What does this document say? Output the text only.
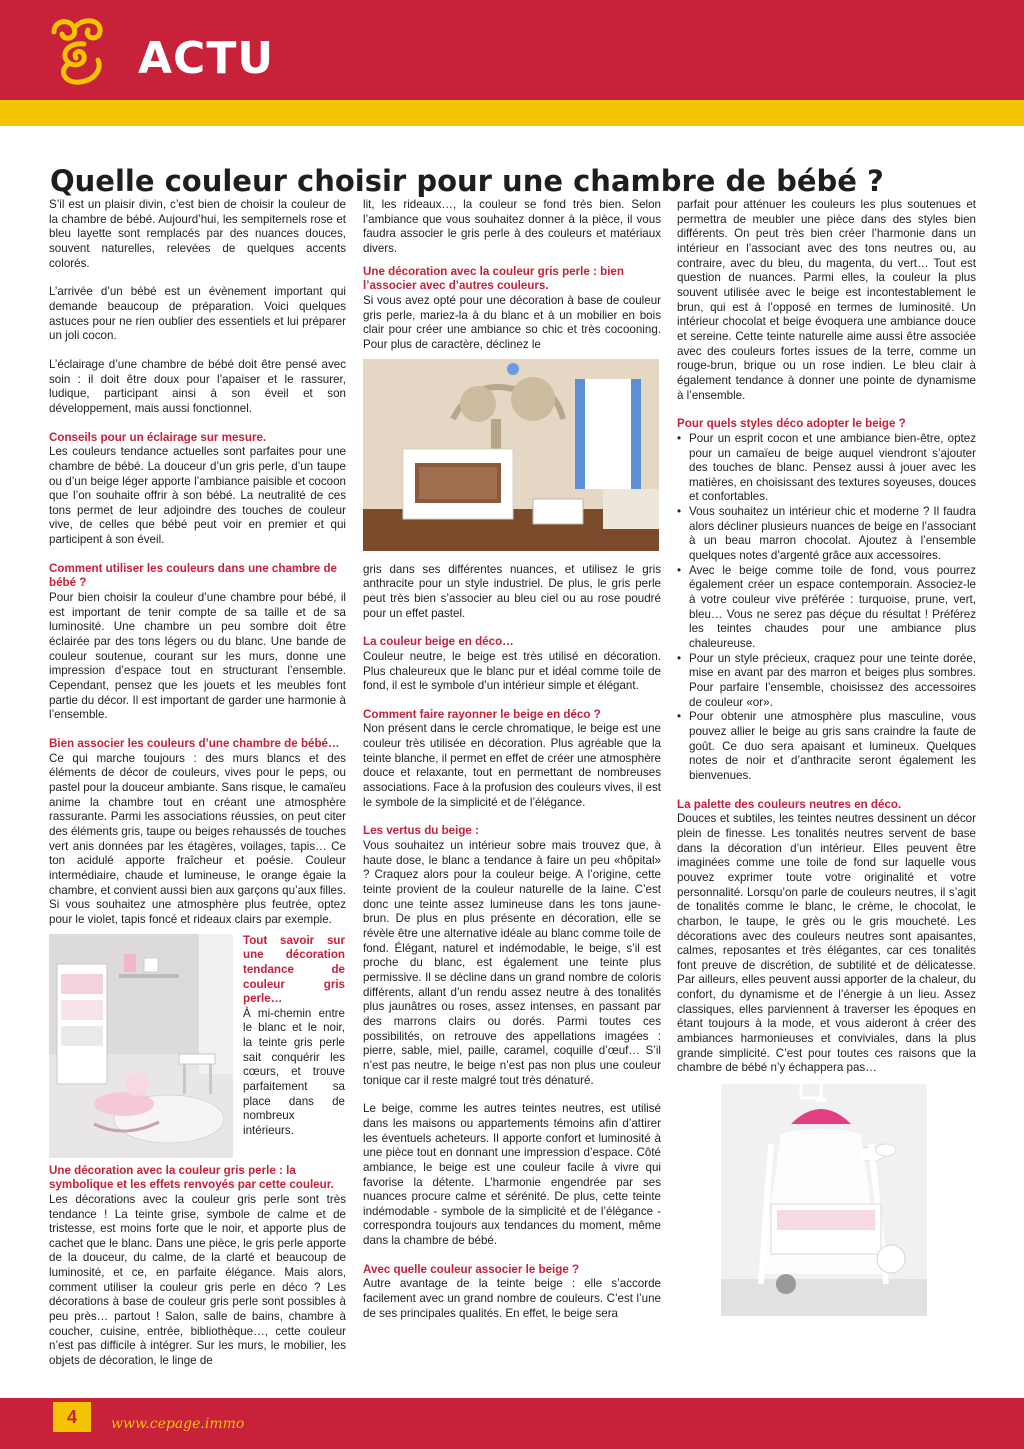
ACTU
Quelle couleur choisir pour une chambre de bébé ?

S’il est un plaisir divin, c’est bien de choisir la couleur de la chambre de bébé. Aujourd’hui, les sempiternels rose et bleu layette sont remplacés par des nuances douces, souvent naturelles, relevées de quelques accents colorés.

L’arrivée d’un bébé est un évènement important qui demande beaucoup de préparation. Voici quelques astuces pour ne rien oublier des essentiels et lui préparer un joli cocon.

L’éclairage d’une chambre de bébé doit être pensé avec soin : il doit être doux pour l’apaiser et le rassurer, ludique, participant ainsi à son éveil et son développement, mais aussi fonctionnel.

Conseils pour un éclairage sur mesure.

Les couleurs tendance actuelles sont parfaites pour une chambre de bébé. La douceur d’un gris perle, d’un taupe ou d’un beige léger apporte l’ambiance paisible et cocoon que l’on souhaite offrir à son bébé. La neutralité de ces tons permet de leur adjoindre des touches de couleur vive, de celles que bébé peut voir en premier et qui participent à son éveil.

Comment utiliser les couleurs dans une chambre de bébé ?

Pour bien choisir la couleur d’une chambre pour bébé, il est important de tenir compte de sa taille et de sa luminosité. Une chambre un peu sombre doit être éclairée par des tons légers ou du blanc. Une bande de couleur soutenue, courant sur les murs, donne une impression d’espace tout en structurant l’ensemble. Cependant, pensez que les jouets et les meubles font partie du décor. Il est important de garder une harmonie à l’ensemble.

Bien associer les couleurs d’une chambre de bébé…

Ce qui marche toujours : des murs blancs et des éléments de décor de couleurs, vives pour le peps, ou pastel pour la douceur ambiante. Sans risque, le camaïeu anime la chambre tout en créant une atmosphère rassurante. Parmi les associations réussies, on peut citer des éléments gris, taupe ou beiges rehaussés de touches vert anis données par les étagères, voilages, tapis… Ce ton acidulé apporte fraîcheur et poésie. Couleur intermédiaire, chaude et lumineuse, le orange égaie la chambre, et convient aussi bien aux garçons qu’aux filles. Si vous souhaitez une atmosphère plus feutrée, optez pour le violet, tapis foncé et rideaux clairs par exemple.

Tout savoir sur une décoration tendance de couleur gris perle…
À mi-chemin entre le blanc et le noir, la teinte gris perle sait conquérir les cœurs, et trouve parfaitement sa place dans de nombreux intérieurs.
Une décoration avec la couleur gris perle : la symbolique et les effets renvoyés par cette couleur.

Les décorations avec la couleur gris perle sont très tendance ! La teinte grise, symbole de calme et de tristesse, est moins forte que le noir, et apporte plus de cachet que le blanc. Dans une pièce, le gris perle apporte de la douceur, du calme, de la clarté et beaucoup de luminosité, et ce, en parfaite élégance. Mais alors, comment utiliser la couleur gris perle en déco ? Les décorations à base de couleur gris perle sont possibles à peu près… partout ! Salon, salle de bains, chambre à coucher, cuisine, entrée, bibliothèque…, cette couleur n’est pas difficile à intégrer. Sur les murs, le mobilier, les objets de décoration, le linge de

lit, les rideaux…, la couleur se fond très bien. Selon l’ambiance que vous souhaitez donner à la pièce, il vous faudra associer le gris perle à des couleurs et matériaux divers.

Une décoration avec la couleur gris perle : bien l’associer avec d’autres couleurs.

Si vous avez opté pour une décoration à base de couleur gris perle, mariez-la à du blanc et à un mobilier en bois clair pour créer une ambiance so chic et très cocooning. Pour plus de caractère, déclinez le

gris dans ses différentes nuances, et utilisez le gris anthracite pour un style industriel. De plus, le gris perle peut très bien s’associer au bleu ciel ou au rose poudré pour un effet pastel.

La couleur beige en déco…

Couleur neutre, le beige est très utilisé en décoration. Plus chaleureux que le blanc pur et idéal comme toile de fond, il est le symbole d’un intérieur simple et élégant.

Comment faire rayonner le beige en déco ?

Non présent dans le cercle chromatique, le beige est une couleur très utilisée en décoration. Plus agréable que la teinte blanche, il permet en effet de créer une atmosphère douce et relaxante, tout en permettant de nombreuses associations. Face à la profusion des couleurs vives, il est le symbole de la simplicité et de l’élégance.

Les vertus du beige :

Vous souhaitez un intérieur sobre mais trouvez que, à haute dose, le blanc a tendance à faire un peu «hôpital» ? Craquez alors pour la couleur beige. A l’origine, cette teinte provient de la couleur naturelle de la laine. C’est donc une teinte assez lumineuse dans les tons jaune-brun. De plus en plus présente en décoration, elle se révèle être une alternative idéale au blanc comme toile de fond. Élégant, naturel et indémodable, le beige, s’il est proche du blanc, est également une teinte plus permissive. Il se décline dans un grand nombre de coloris différents, allant d’un rendu assez neutre à des tonalités plus jaunâtres ou roses, assez intenses, en passant par des marrons clairs ou dorés. Parmi toutes ces possibilités, on retrouve des appellations imagées : pierre, sable, miel, paille, caramel, coquille d’œuf… S’il n’est pas neutre, le beige n’est pas non plus une couleur tonique car il reste malgré tout très dénaturé.

Le beige, comme les autres teintes neutres, est utilisé dans les maisons ou appartements témoins afin d’attirer les éventuels acheteurs. Il apporte confort et luminosité à une pièce tout en donnant une impression d’espace. Côté ambiance, le beige est une couleur facile à vivre qui favorise la détente. L’harmonie engendrée par ses nuances procure calme et sérénité. De plus, cette teinte indémodable - symbole de la simplicité et de l’élégance - correspondra toujours aux tendances du moment, même dans la chambre de bébé.

Avec quelle couleur associer le beige ?

Autre avantage de la teinte beige : elle s’accorde facilement avec un grand nombre de couleurs. C’est l’une de ses principales qualités. En effet, le beige sera

parfait pour atténuer les couleurs les plus soutenues et permettra de meubler une pièce dans des styles bien différents. On peut très bien créer l’harmonie dans un intérieur en l’associant avec des tons neutres ou, au contraire, avec du bleu, du magenta, du vert… Tout est question de nuances. Parmi elles, la couleur la plus souvent utilisée avec le beige est incontestablement le brun, qui est à l’opposé en termes de luminosité. Un intérieur chocolat et beige évoquera une ambiance douce et sereine. Cette teinte naturelle aime aussi être associée avec des couleurs fortes issues de la terre, comme un rouge-brun, brique ou un rose indien. Le bleu clair à également tendance à donner une pointe de dynamisme à l’ensemble.

Pour quels styles déco adopter le beige ?
• Pour un esprit cocon et une ambiance bien-être, optez pour un camaïeu de beige auquel viendront s’ajouter des touches de blanc. Pensez aussi à jouer avec les matières, en choisissant des textures soyeuses, douces et confortables.
• Vous souhaitez un intérieur chic et moderne ? Il faudra alors décliner plusieurs nuances de beige en l’associant à un beau marron chocolat. Ajoutez à l’ensemble quelques notes d’argenté grâce aux accessoires.
• Avec le beige comme toile de fond, vous pourrez également créer un espace contemporain. Associez-le à votre couleur vive préférée : turquoise, prune, vert, bleu… Vous ne serez pas déçue du résultat ! Préférez les teintes chaudes pour une ambiance plus chaleureuse.
• Pour un style précieux, craquez pour une teinte dorée, mise en avant par des marron et beiges plus sombres. Pour parfaire l’ensemble, choisissez des accessoires de couleur «or».
• Pour obtenir une atmosphère plus masculine, vous pouvez allier le beige au gris sans craindre la faute de goût. Ce duo sera apaisant et lumineux. Quelques notes de noir et d’anthracite seront également les bienvenues.
La palette des couleurs neutres en déco.

Douces et subtiles, les teintes neutres dessinent un décor plein de finesse. Les tonalités neutres servent de base dans la décoration d’un intérieur. Elles peuvent être imaginées comme une toile de fond sur laquelle vous pouvez exprimer toute votre originalité et votre personnalité. Lorsqu’on parle de couleurs neutres, il s’agit de tonalités comme le blanc, le crème, le chocolat, le charbon, le taupe, le grès ou le gris moucheté. Les décorations avec des couleurs neutres sont apaisantes, calmes, reposantes et très élégantes, car ces tonalités font preuve de discrétion, de subtilité et de délicatesse. Par ailleurs, elles peuvent aussi apporter de la chaleur, du confort, du dynamisme et de l’énergie à un lieu. Assez classiques, elles parviennent à traverser les époques en étant toujours à la mode, et vous aideront à créer des ambiances harmonieuses et conviviales, dans la plus grande simplicité. C’est pour toutes ces raisons que la chambre de bébé n’y échappera pas…

4	www.cepage.immo
